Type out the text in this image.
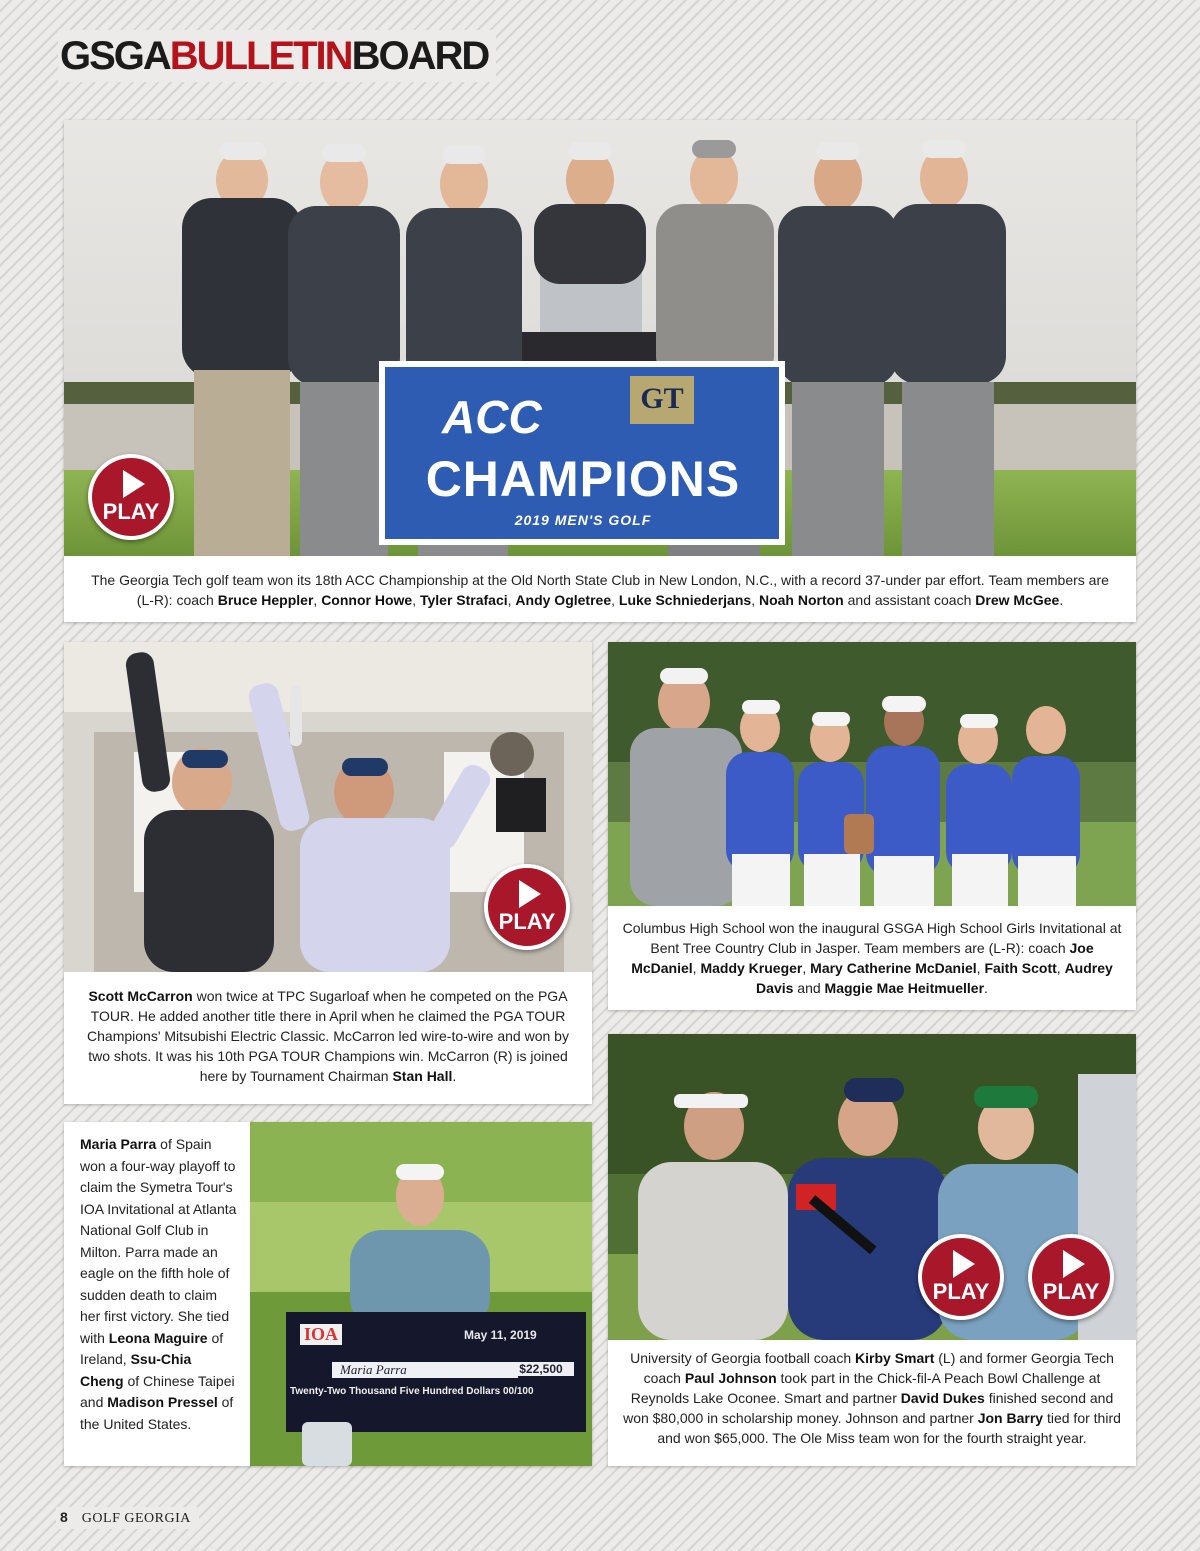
GSGABULLETINBOARD
ACC	GT
CHAMPIONS
2019 MEN'S GOLF
PLAY
The Georgia Tech golf team won its 18th ACC Championship at the Old North State Club in New London, N.C., with a record 37-under par effort. Team members are (L-R): coach Bruce Heppler, Connor Howe, Tyler Strafaci, Andy Ogletree, Luke Schniederjans, Noah Norton and assistant coach Drew McGee.
PLAY
Scott McCarron won twice at TPC Sugarloaf when he competed on the PGA TOUR. He added another title there in April when he claimed the PGA TOUR Champions' Mitsubishi Electric Classic. McCarron led wire-to-wire and won by two shots. It was his 10th PGA TOUR Champions win. McCarron (R) is joined here by Tournament Chairman Stan Hall.
Columbus High School won the inaugural GSGA High School Girls Invitational at Bent Tree Country Club in Jasper. Team members are (L-R): coach Joe McDaniel, Maddy Krueger, Mary Catherine McDaniel, Faith Scott, Audrey Davis and Maggie Mae Heitmueller.
Maria Parra of Spain won a four-way playoff to claim the Symetra Tour's IOA Invitational at Atlanta National Golf Club in Milton. Parra made an eagle on the fifth hole of sudden death to claim her first victory. She tied with Leona Maguire of Ireland, Ssu-Chia Cheng of Chinese Taipei and Madison Pressel of the United States.
IOA	May 11, 2019
Maria Parra	$22,500
Twenty-Two Thousand Five Hundred Dollars 00/100
PLAY PLAY
University of Georgia football coach Kirby Smart (L) and former Georgia Tech coach Paul Johnson took part in the Chick-fil-A Peach Bowl Challenge at Reynolds Lake Oconee. Smart and partner David Dukes finished second and won $80,000 in scholarship money. Johnson and partner Jon Barry tied for third and won $65,000. The Ole Miss team won for the fourth straight year.
8 GOLF GEORGIA
